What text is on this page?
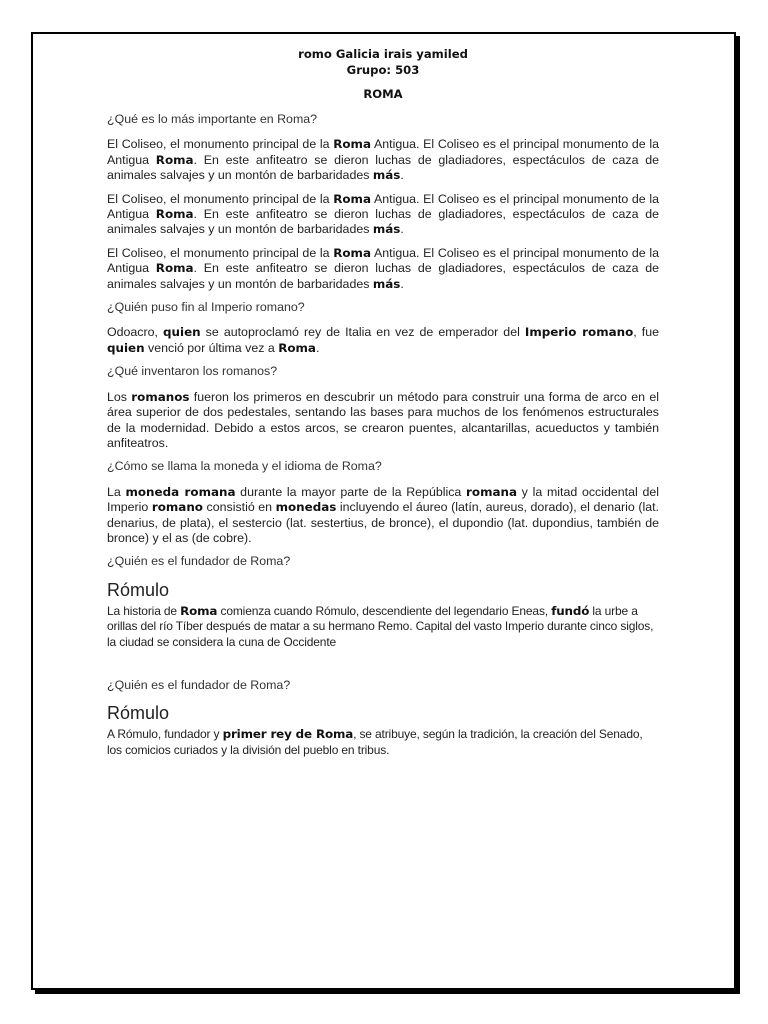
romo Galicia irais yamiled
Grupo: 503
ROMA
¿Qué es lo más importante en Roma?
El Coliseo, el monumento principal de la Roma Antigua. El Coliseo es el principal monumento de la Antigua Roma. En este anfiteatro se dieron luchas de gladiadores, espectáculos de caza de animales salvajes y un montón de barbaridades más.
El Coliseo, el monumento principal de la Roma Antigua. El Coliseo es el principal monumento de la Antigua Roma. En este anfiteatro se dieron luchas de gladiadores, espectáculos de caza de animales salvajes y un montón de barbaridades más.
El Coliseo, el monumento principal de la Roma Antigua. El Coliseo es el principal monumento de la Antigua Roma. En este anfiteatro se dieron luchas de gladiadores, espectáculos de caza de animales salvajes y un montón de barbaridades más.
¿Quién puso fin al Imperio romano?
Odoacro, quien se autoproclamó rey de Italia en vez de emperador del Imperio romano, fue quien venció por última vez a Roma.
¿Qué inventaron los romanos?
Los romanos fueron los primeros en descubrir un método para construir una forma de arco en el área superior de dos pedestales, sentando las bases para muchos de los fenómenos estructurales de la modernidad. Debido a estos arcos, se crearon puentes, alcantarillas, acueductos y también anfiteatros.
¿Cómo se llama la moneda y el idioma de Roma?
La moneda romana durante la mayor parte de la República romana y la mitad occidental del Imperio romano consistió en monedas incluyendo el áureo (latín, aureus, dorado), el denario (lat. denarius, de plata), el sestercio (lat. sestertius, de bronce), el dupondio (lat. dupondius, también de bronce) y el as (de cobre).
¿Quién es el fundador de Roma?
Rómulo
La historia de Roma comienza cuando Rómulo, descendiente del legendario Eneas, fundó la urbe a orillas del río Tíber después de matar a su hermano Remo. Capital del vasto Imperio durante cinco siglos, la ciudad se considera la cuna de Occidente
¿Quién es el fundador de Roma?
Rómulo
A Rómulo, fundador y primer rey de Roma, se atribuye, según la tradición, la creación del Senado, los comicios curiados y la división del pueblo en tribus.
